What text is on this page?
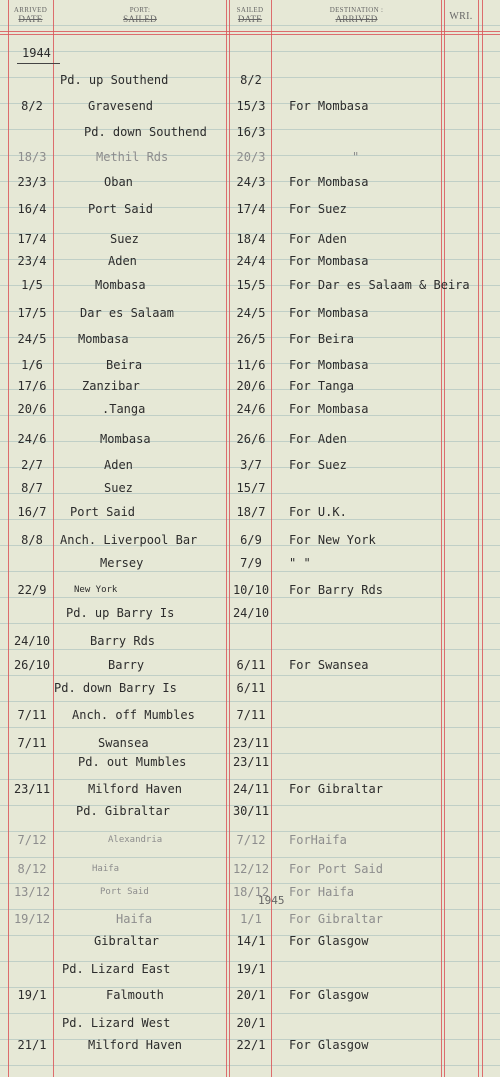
ARRIVED
DATE
PORT:
SAILED
SAILED
DATE
DESTINATION :
ARRIVED	WRI.
1944
1945
Pd. up Southend	8/2
8/2	Gravesend	15/3	For Mombasa
Pd. down Southend	16/3
18/3	Methil Rds	20/3	"
23/3	Oban	24/3	For Mombasa
16/4	Port Said	17/4	For Suez
17/4	Suez	18/4	For Aden
23/4	Aden	24/4	For Mombasa
1/5	Mombasa	15/5	For Dar es Salaam & Beira
17/5	Dar es Salaam	24/5	For Mombasa
24/5	Mombasa	26/5	For Beira
1/6	Beira	11/6	For Mombasa
17/6	Zanzibar	20/6	For Tanga
20/6	.Tanga	24/6	For Mombasa
24/6	Mombasa	26/6	For Aden
2/7	Aden	3/7	For Suez
8/7	Suez	15/7
16/7	Port Said	18/7	For U.K.
8/8	Anch. Liverpool Bar	6/9	For New York
Mersey	7/9	" "
22/9	New York	10/10 For Barry Rds
Pd. up Barry Is	24/10
24/10	Barry Rds
26/10	Barry	6/11	For Swansea
Pd. down Barry Is	6/11
7/11	Anch. off Mumbles	7/11
7/11	Swansea	23/11
Pd. out Mumbles	23/11
23/11	Milford Haven	24/11 For Gibraltar
Pd. Gibraltar	30/11
7/12	Alexandria	7/12	ForHaifa
8/12	Haifa	12/12 For Port Said
13/12	Port Said	18/12 For Haifa
19/12	Haifa	1/1	For Gibraltar
Gibraltar	14/1	For Glasgow
Pd. Lizard East	19/1
19/1	Falmouth	20/1	For Glasgow
Pd. Lizard West	20/1
21/1	Milford Haven	22/1	For Glasgow
